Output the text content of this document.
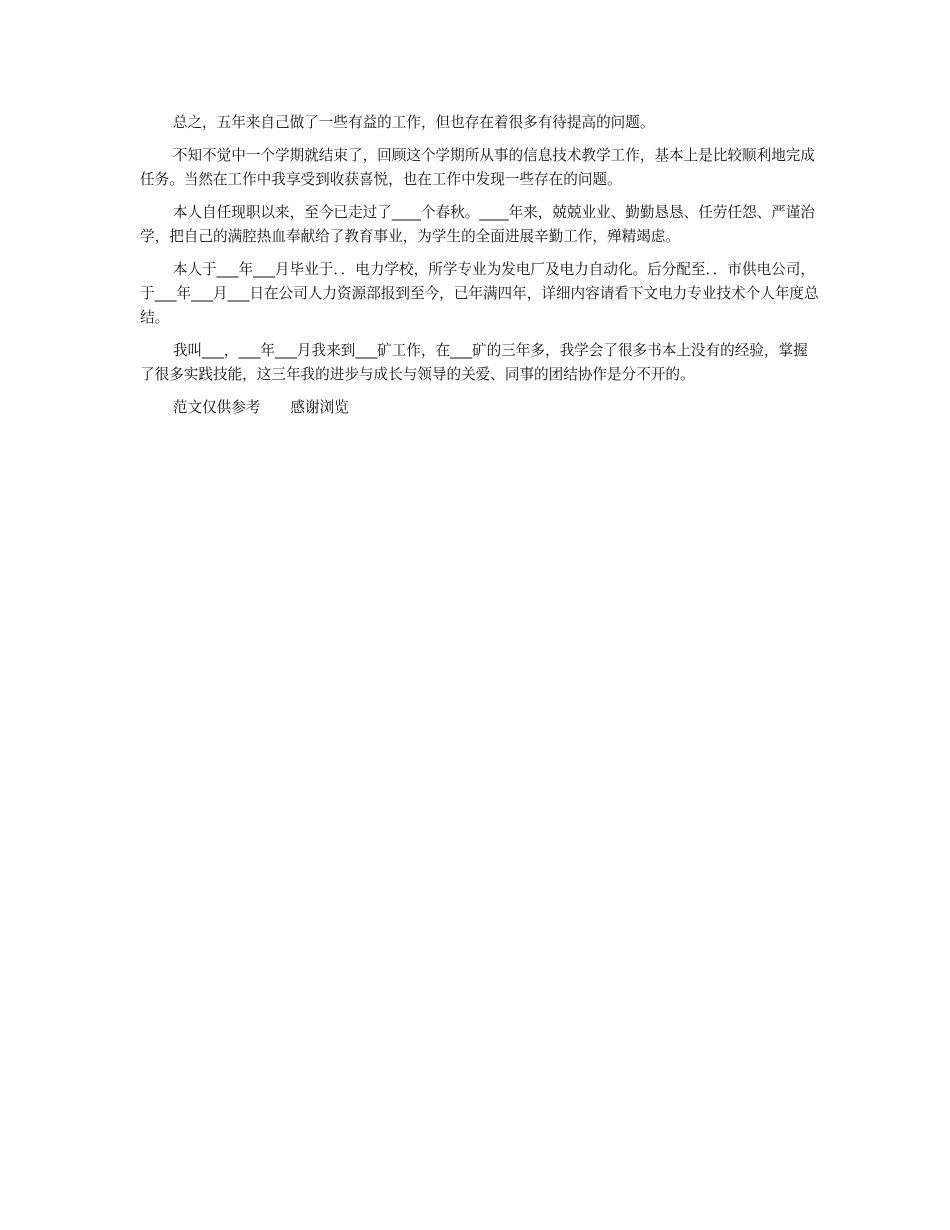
总之，五年来自己做了一些有益的工作，但也存在着很多有待提高的问题。

不知不觉中一个学期就结束了，回顾这个学期所从事的信息技术教学工作，基本上是比较顺利地完成任务。当然在工作中我享受到收获喜悦，也在工作中发现一些存在的问题。

本人自任现职以来，至今已走过了____个春秋。____年来，兢兢业业、勤勤恳恳、任劳任怨、严谨治学，把自己的满腔热血奉献给了教育事业，为学生的全面进展辛勤工作，殚精竭虑。

本人于___年___月毕业于．．电力学校，所学专业为发电厂及电力自动化。后分配至．．市供电公司，于___年___月___日在公司人力资源部报到至今，已年满四年，详细内容请看下文电力专业技术个人年度总结。

我叫___，___年___月我来到___矿工作，在___矿的三年多，我学会了很多书本上没有的经验，掌握了很多实践技能，这三年我的进步与成长与领导的关爱、同事的团结协作是分不开的。

范文仅供参考 感谢浏览
